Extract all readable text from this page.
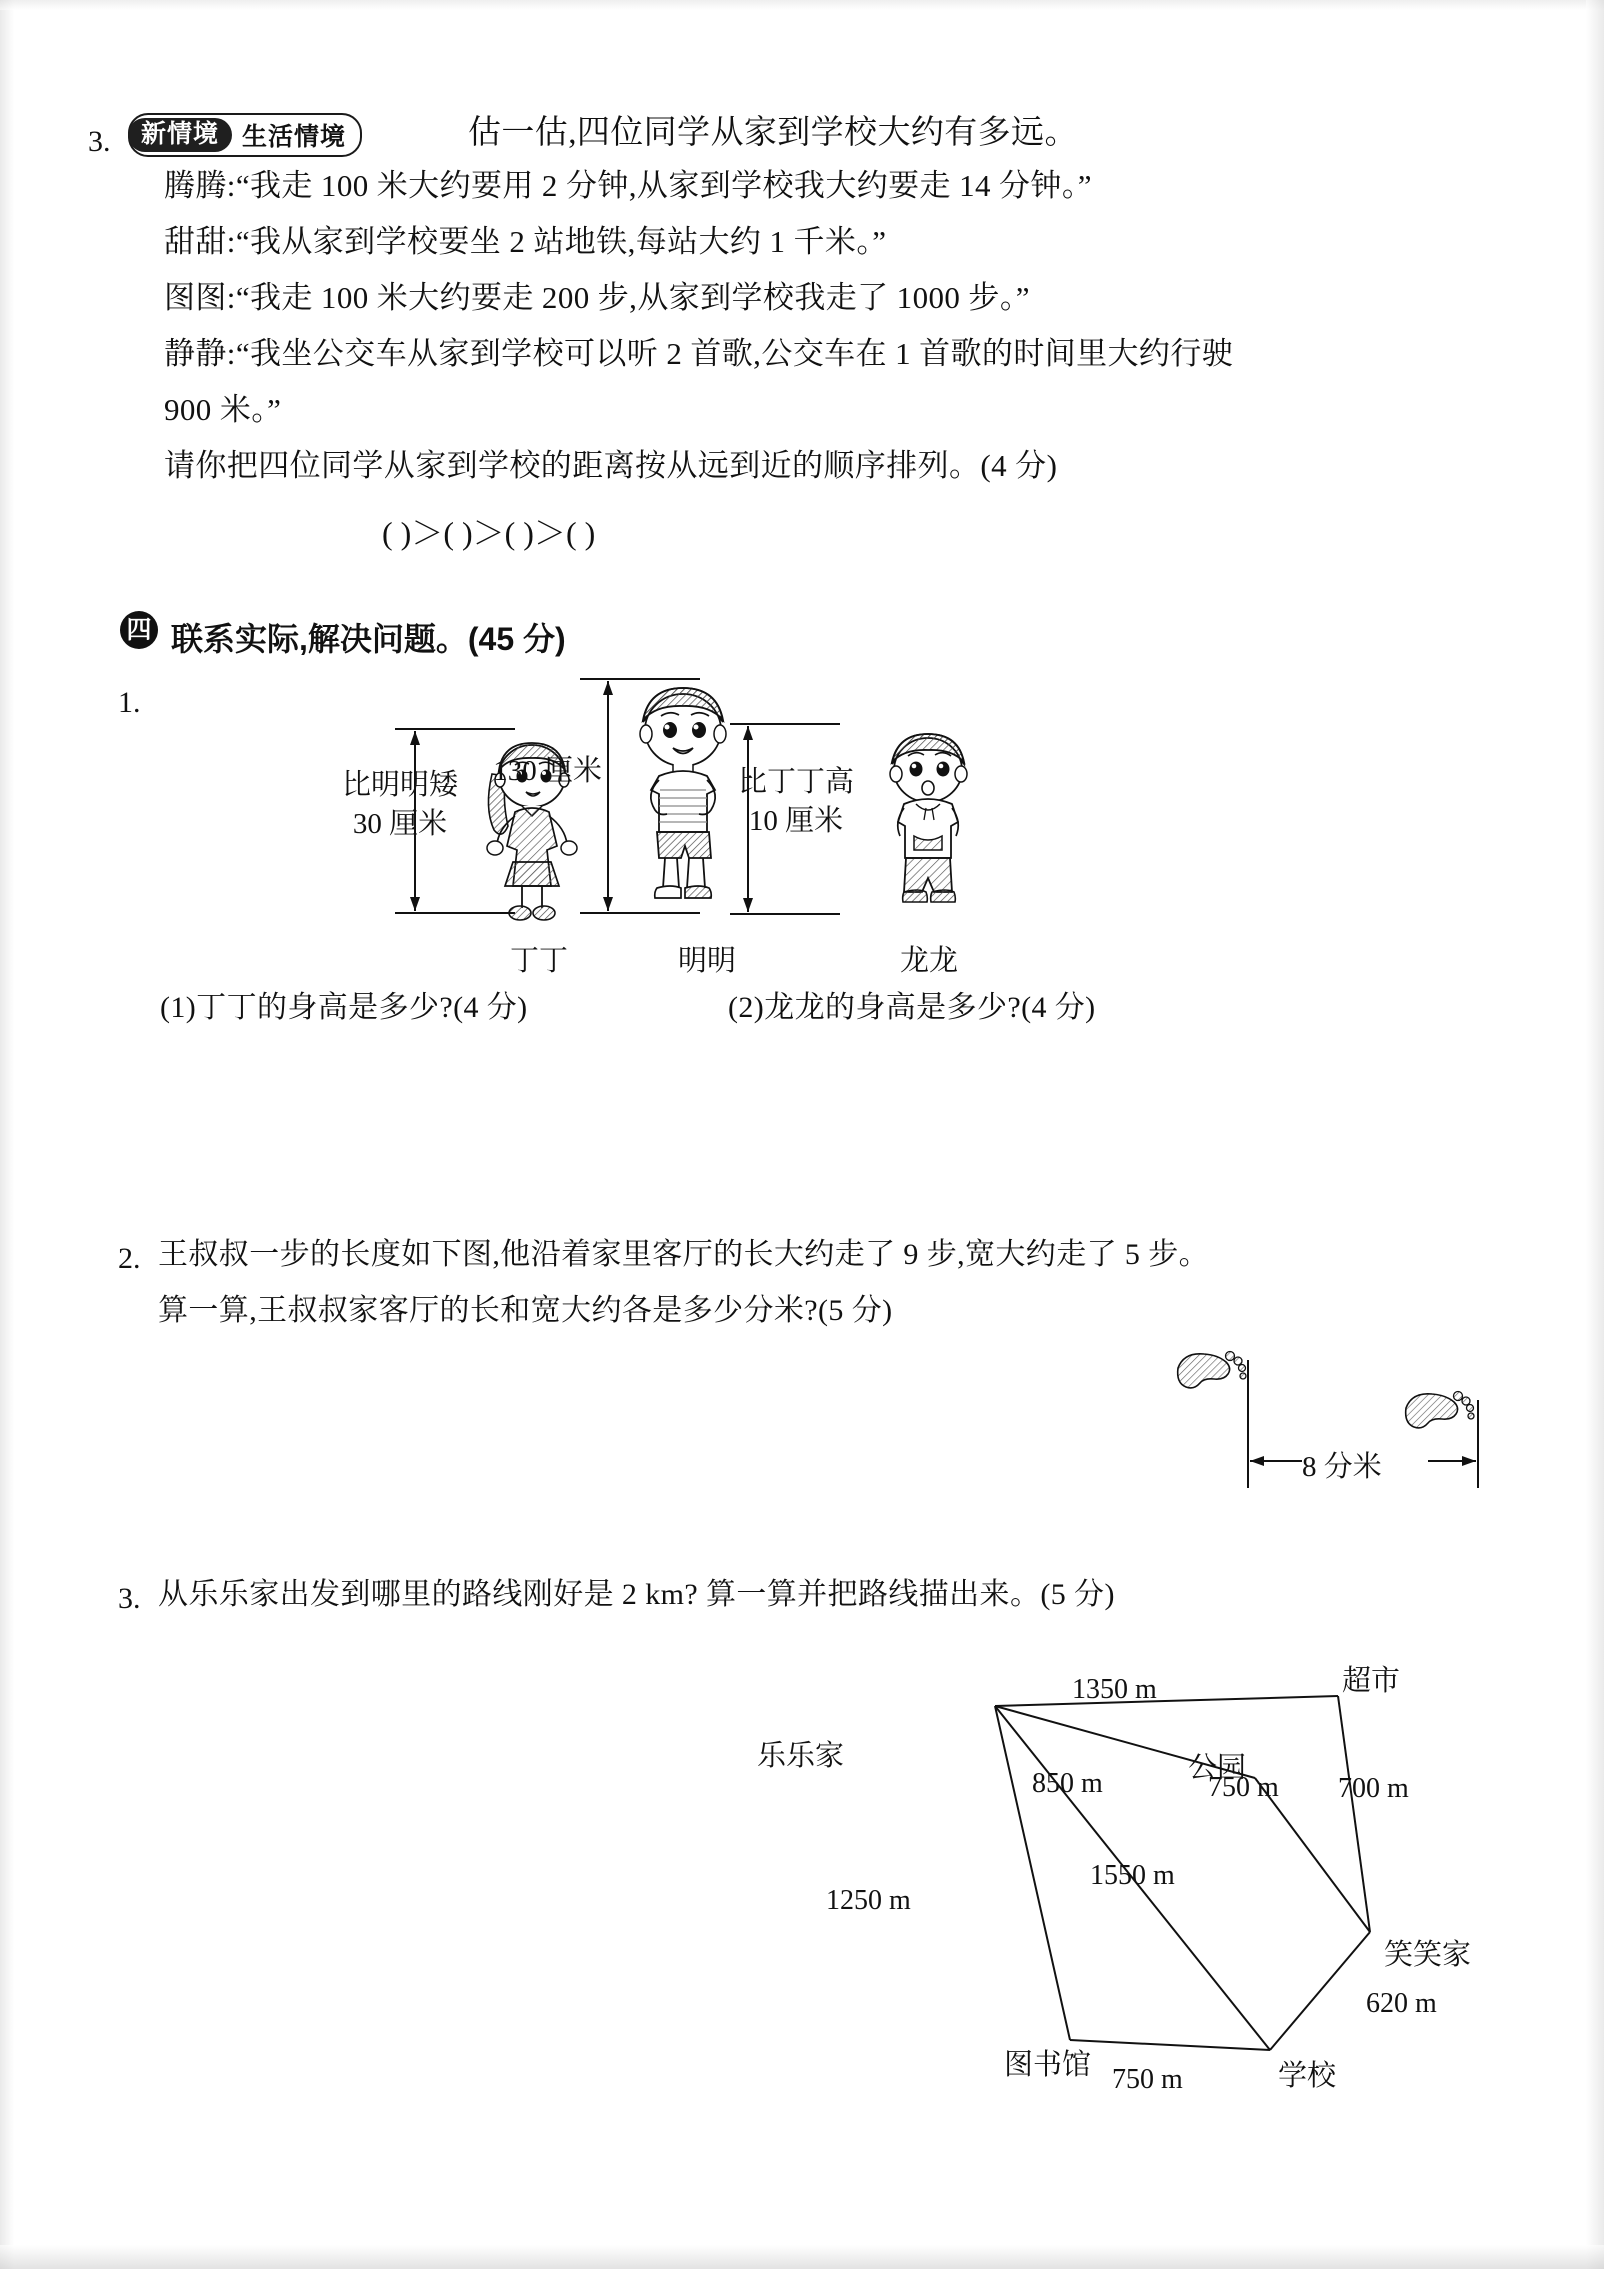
3.	新情境 生活情境	估一估,四位同学从家到学校大约有多远。
腾腾:“我走 100 米大约要用 2 分钟,从家到学校我大约要走 14 分钟。”
甜甜:“我从家到学校要坐 2 站地铁,每站大约 1 千米。”
图图:“我走 100 米大约要走 200 步,从家到学校我走了 1000 步。”
静静:“我坐公交车从家到学校可以听 2 首歌,公交车在 1 首歌的时间里大约行驶
900 米。”
请你把四位同学从家到学校的距离按从远到近的顺序排列。(4 分)
( )＞( )＞( )＞( )
四 联系实际,解决问题。(45 分)
1.
比明明矮
30 厘米
丁丁
130 厘米
明明
比丁丁高
10 厘米
龙龙
(1)丁丁的身高是多少?(4 分)	(2)龙龙的身高是多少?(4 分)
2. 王叔叔一步的长度如下图,他沿着家里客厅的长大约走了 9 步,宽大约走了 5 步。
算一算,王叔叔家客厅的长和宽大约各是多少分米?(5 分)
8 分米
3. 从乐乐家出发到哪里的路线刚好是 2 km? 算一算并把路线描出来。(5 分)
乐乐家
超市
公园
笑笑家
学校
图书馆
1350 m
850 m	750 m 700 m
1550 m
1250 m
620 m
750 m
